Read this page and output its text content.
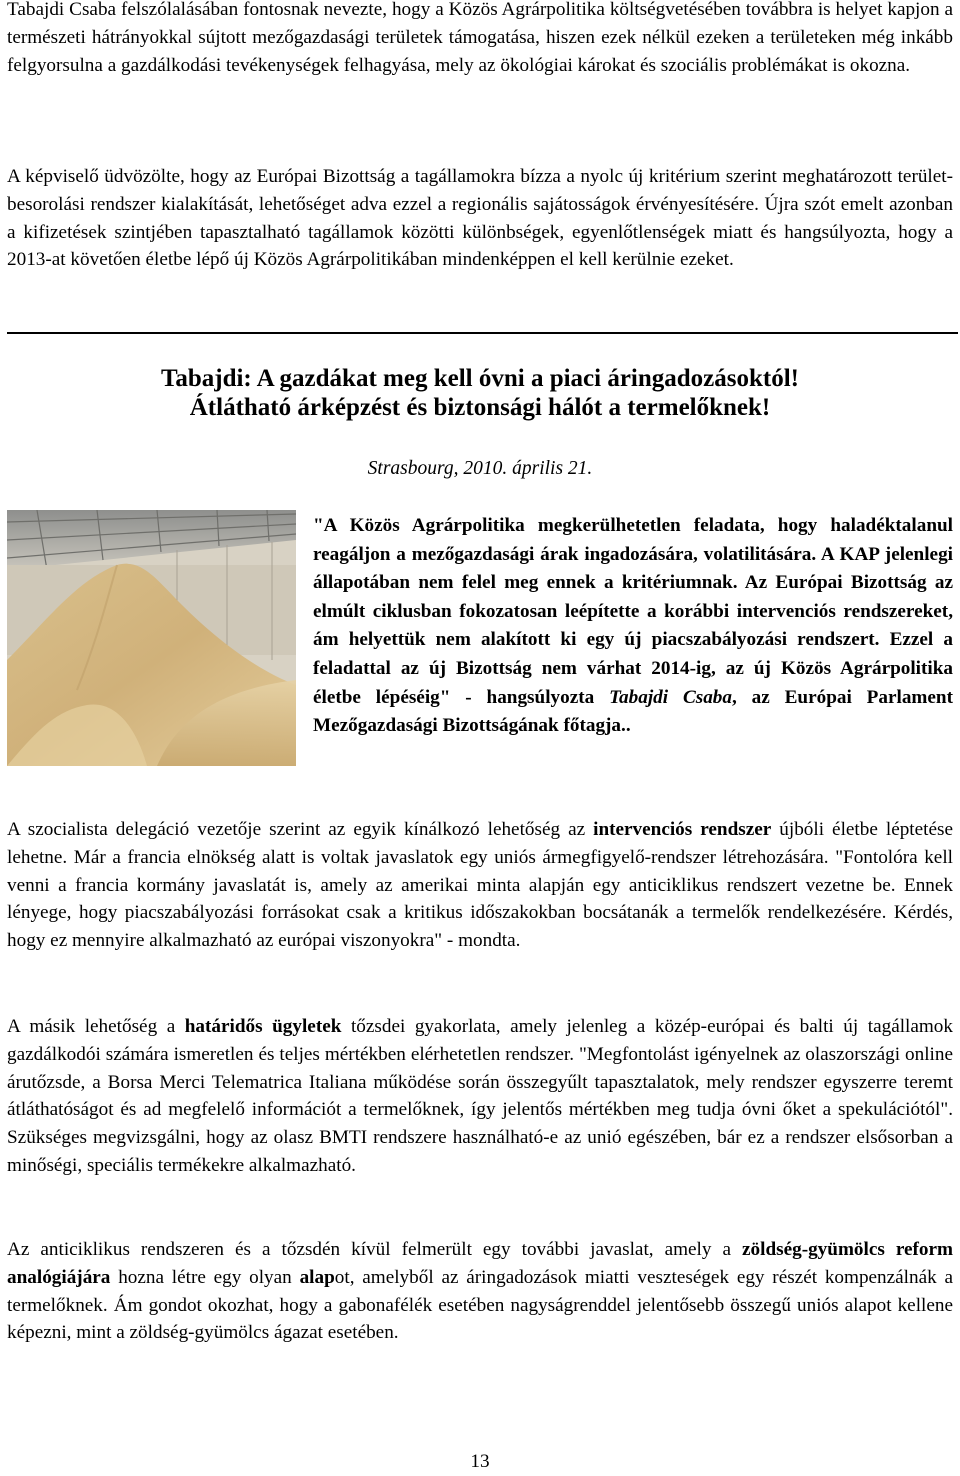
Tabajdi Csaba felszólalásában fontosnak nevezte, hogy a Közös Agrárpolitika költségvetésében továbbra is helyet kapjon a természeti hátrányokkal sújtott mezőgazdasági területek támogatása, hiszen ezek nélkül ezeken a területeken még inkább felgyorsulna a gazdálkodási tevékenységek felhagyása, mely az ökológiai károkat és szociális problémákat is okozna.

A képviselő üdvözölte, hogy az Európai Bizottság a tagállamokra bízza a nyolc új kritérium szerint meghatározott terület-besorolási rendszer kialakítását, lehetőséget adva ezzel a regionális sajátosságok érvényesítésére. Újra szót emelt azonban a kifizetések szintjében tapasztalható tagállamok közötti különbségek, egyenlőtlenségek miatt és hangsúlyozta, hogy a 2013-at követően életbe lépő új Közös Agrárpolitikában mindenképpen el kell kerülnie ezeket.

Tabajdi: A gazdákat meg kell óvni a piaci áringadozásoktól!
Átlátható árképzést és biztonsági hálót a termelőknek!
Strasbourg, 2010. április 21.

"A Közös Agrárpolitika megkerülhetetlen feladata, hogy haladéktalanul reagáljon a mezőgazdasági árak ingadozására, volatilitására. A KAP jelenlegi állapotában nem felel meg ennek a kritériumnak. Az Európai Bizottság az elmúlt ciklusban fokozatosan leépítette a korábbi intervenciós rendszereket, ám helyettük nem alakított ki egy új piacszabályozási rendszert. Ezzel a feladattal az új Bizottság nem várhat 2014-ig, az új Közös Agrárpolitika életbe lépéséig" - hangsúlyozta Tabajdi Csaba, az Európai Parlament Mezőgazdasági Bizottságának főtagja..

A szocialista delegáció vezetője szerint az egyik kínálkozó lehetőség az intervenciós rendszer újbóli életbe léptetése lehetne. Már a francia elnökség alatt is voltak javaslatok egy uniós ármegfigyelő-rendszer létrehozására. "Fontolóra kell venni a francia kormány javaslatát is, amely az amerikai minta alapján egy anticiklikus rendszert vezetne be. Ennek lényege, hogy piacszabályozási forrásokat csak a kritikus időszakokban bocsátanák a termelők rendelkezésére. Kérdés, hogy ez mennyire alkalmazható az európai viszonyokra" - mondta.

A másik lehetőség a határidős ügyletek tőzsdei gyakorlata, amely jelenleg a közép-európai és balti új tagállamok gazdálkodói számára ismeretlen és teljes mértékben elérhetetlen rendszer. "Megfontolást igényelnek az olaszországi online árutőzsde, a Borsa Merci Telematrica Italiana működése során összegyűlt tapasztalatok, mely rendszer egyszerre teremt átláthatóságot és ad megfelelő információt a termelőknek, így jelentős mértékben meg tudja óvni őket a spekulációtól". Szükséges megvizsgálni, hogy az olasz BMTI rendszere használható-e az unió egészében, bár ez a rendszer elsősorban a minőségi, speciális termékekre alkalmazható.

Az anticiklikus rendszeren és a tőzsdén kívül felmerült egy további javaslat, amely a zöldség-gyümölcs reform analógiájára hozna létre egy olyan alapot, amelyből az áringadozások miatti veszteségek egy részét kompenzálnák a termelőknek. Ám gondot okozhat, hogy a gabonafélék esetében nagyságrenddel jelentősebb összegű uniós alapot kellene képezni, mint a zöldség-gyümölcs ágazat esetében.

13
